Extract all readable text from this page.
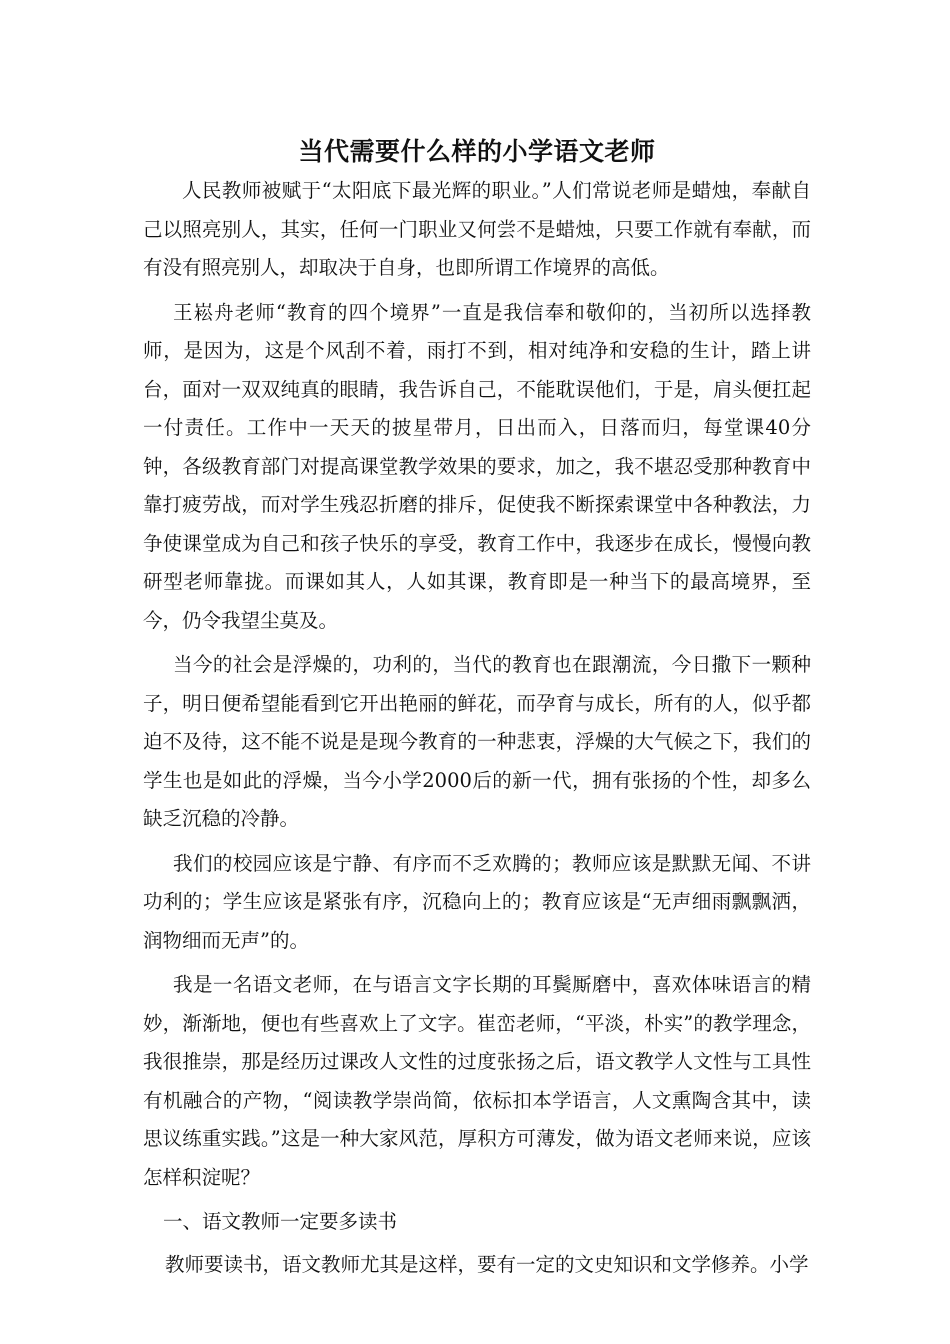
当代需要什么样的小学语文老师

人民教师被赋于“太阳底下最光辉的职业。”人们常说老师是蜡烛，奉献自己以照亮别人，其实，任何一门职业又何尝不是蜡烛，只要工作就有奉献，而有没有照亮别人，却取决于自身，也即所谓工作境界的高低。

王崧舟老师“教育的四个境界”一直是我信奉和敬仰的，当初所以选择教师，是因为，这是个风刮不着，雨打不到，相对纯净和安稳的生计，踏上讲台，面对一双双纯真的眼睛，我告诉自己，不能耽误他们，于是，肩头便扛起一付责任。工作中一天天的披星带月，日出而入，日落而归，每堂课40分钟，各级教育部门对提高课堂教学效果的要求，加之，我不堪忍受那种教育中靠打疲劳战，而对学生残忍折磨的排斥，促使我不断探索课堂中各种教法，力争使课堂成为自己和孩子快乐的享受，教育工作中，我逐步在成长，慢慢向教研型老师靠拢。而课如其人，人如其课，教育即是一种当下的最高境界，至今，仍令我望尘莫及。

当今的社会是浮燥的，功利的，当代的教育也在跟潮流，今日撒下一颗种子，明日便希望能看到它开出艳丽的鲜花，而孕育与成长，所有的人，似乎都迫不及待，这不能不说是是现今教育的一种悲衷，浮燥的大气候之下，我们的学生也是如此的浮燥，当今小学2000后的新一代，拥有张扬的个性，却多么缺乏沉稳的冷静。

我们的校园应该是宁静、有序而不乏欢腾的；教师应该是默默无闻、不讲功利的；学生应该是紧张有序，沉稳向上的；教育应该是“无声细雨飘飘洒，润物细而无声”的。

我是一名语文老师，在与语言文字长期的耳鬓厮磨中，喜欢体味语言的精妙，渐渐地，便也有些喜欢上了文字。崔峦老师，“平淡，朴实”的教学理念，我很推崇，那是经历过课改人文性的过度张扬之后，语文教学人文性与工具性有机融合的产物，“阅读教学崇尚简，依标扣本学语言，人文熏陶含其中，读思议练重实践。”这是一种大家风范，厚积方可薄发，做为语文老师来说，应该怎样积淀呢？

一、语文教师一定要多读书

教师要读书，语文教师尤其是这样，要有一定的文史知识和文学修养。小学
